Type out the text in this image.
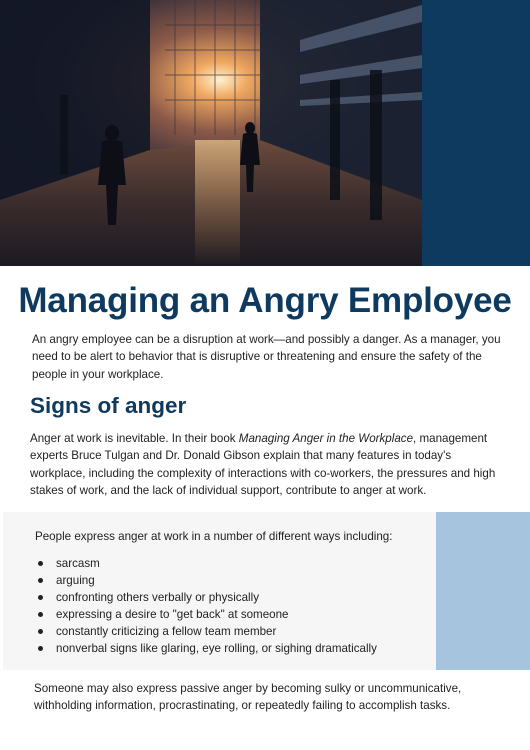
Managing an Angry Employee

An angry employee can be a disruption at work—and possibly a danger. As a manager, you need to be alert to behavior that is disruptive or threatening and ensure the safety of the people in your workplace.

Signs of anger

Anger at work is inevitable. In their book Managing Anger in the Workplace, management experts Bruce Tulgan and Dr. Donald Gibson explain that many features in today's workplace, including the complexity of interactions with co-workers, the pressures and high stakes of work, and the lack of individual support, contribute to anger at work.

People express anger at work in a number of different ways including:

sarcasm
arguing
confronting others verbally or physically
expressing a desire to "get back" at someone
constantly criticizing a fellow team member
nonverbal signs like glaring, eye rolling, or sighing dramatically

Someone may also express passive anger by becoming sulky or uncommunicative, withholding information, procrastinating, or repeatedly failing to accomplish tasks.
